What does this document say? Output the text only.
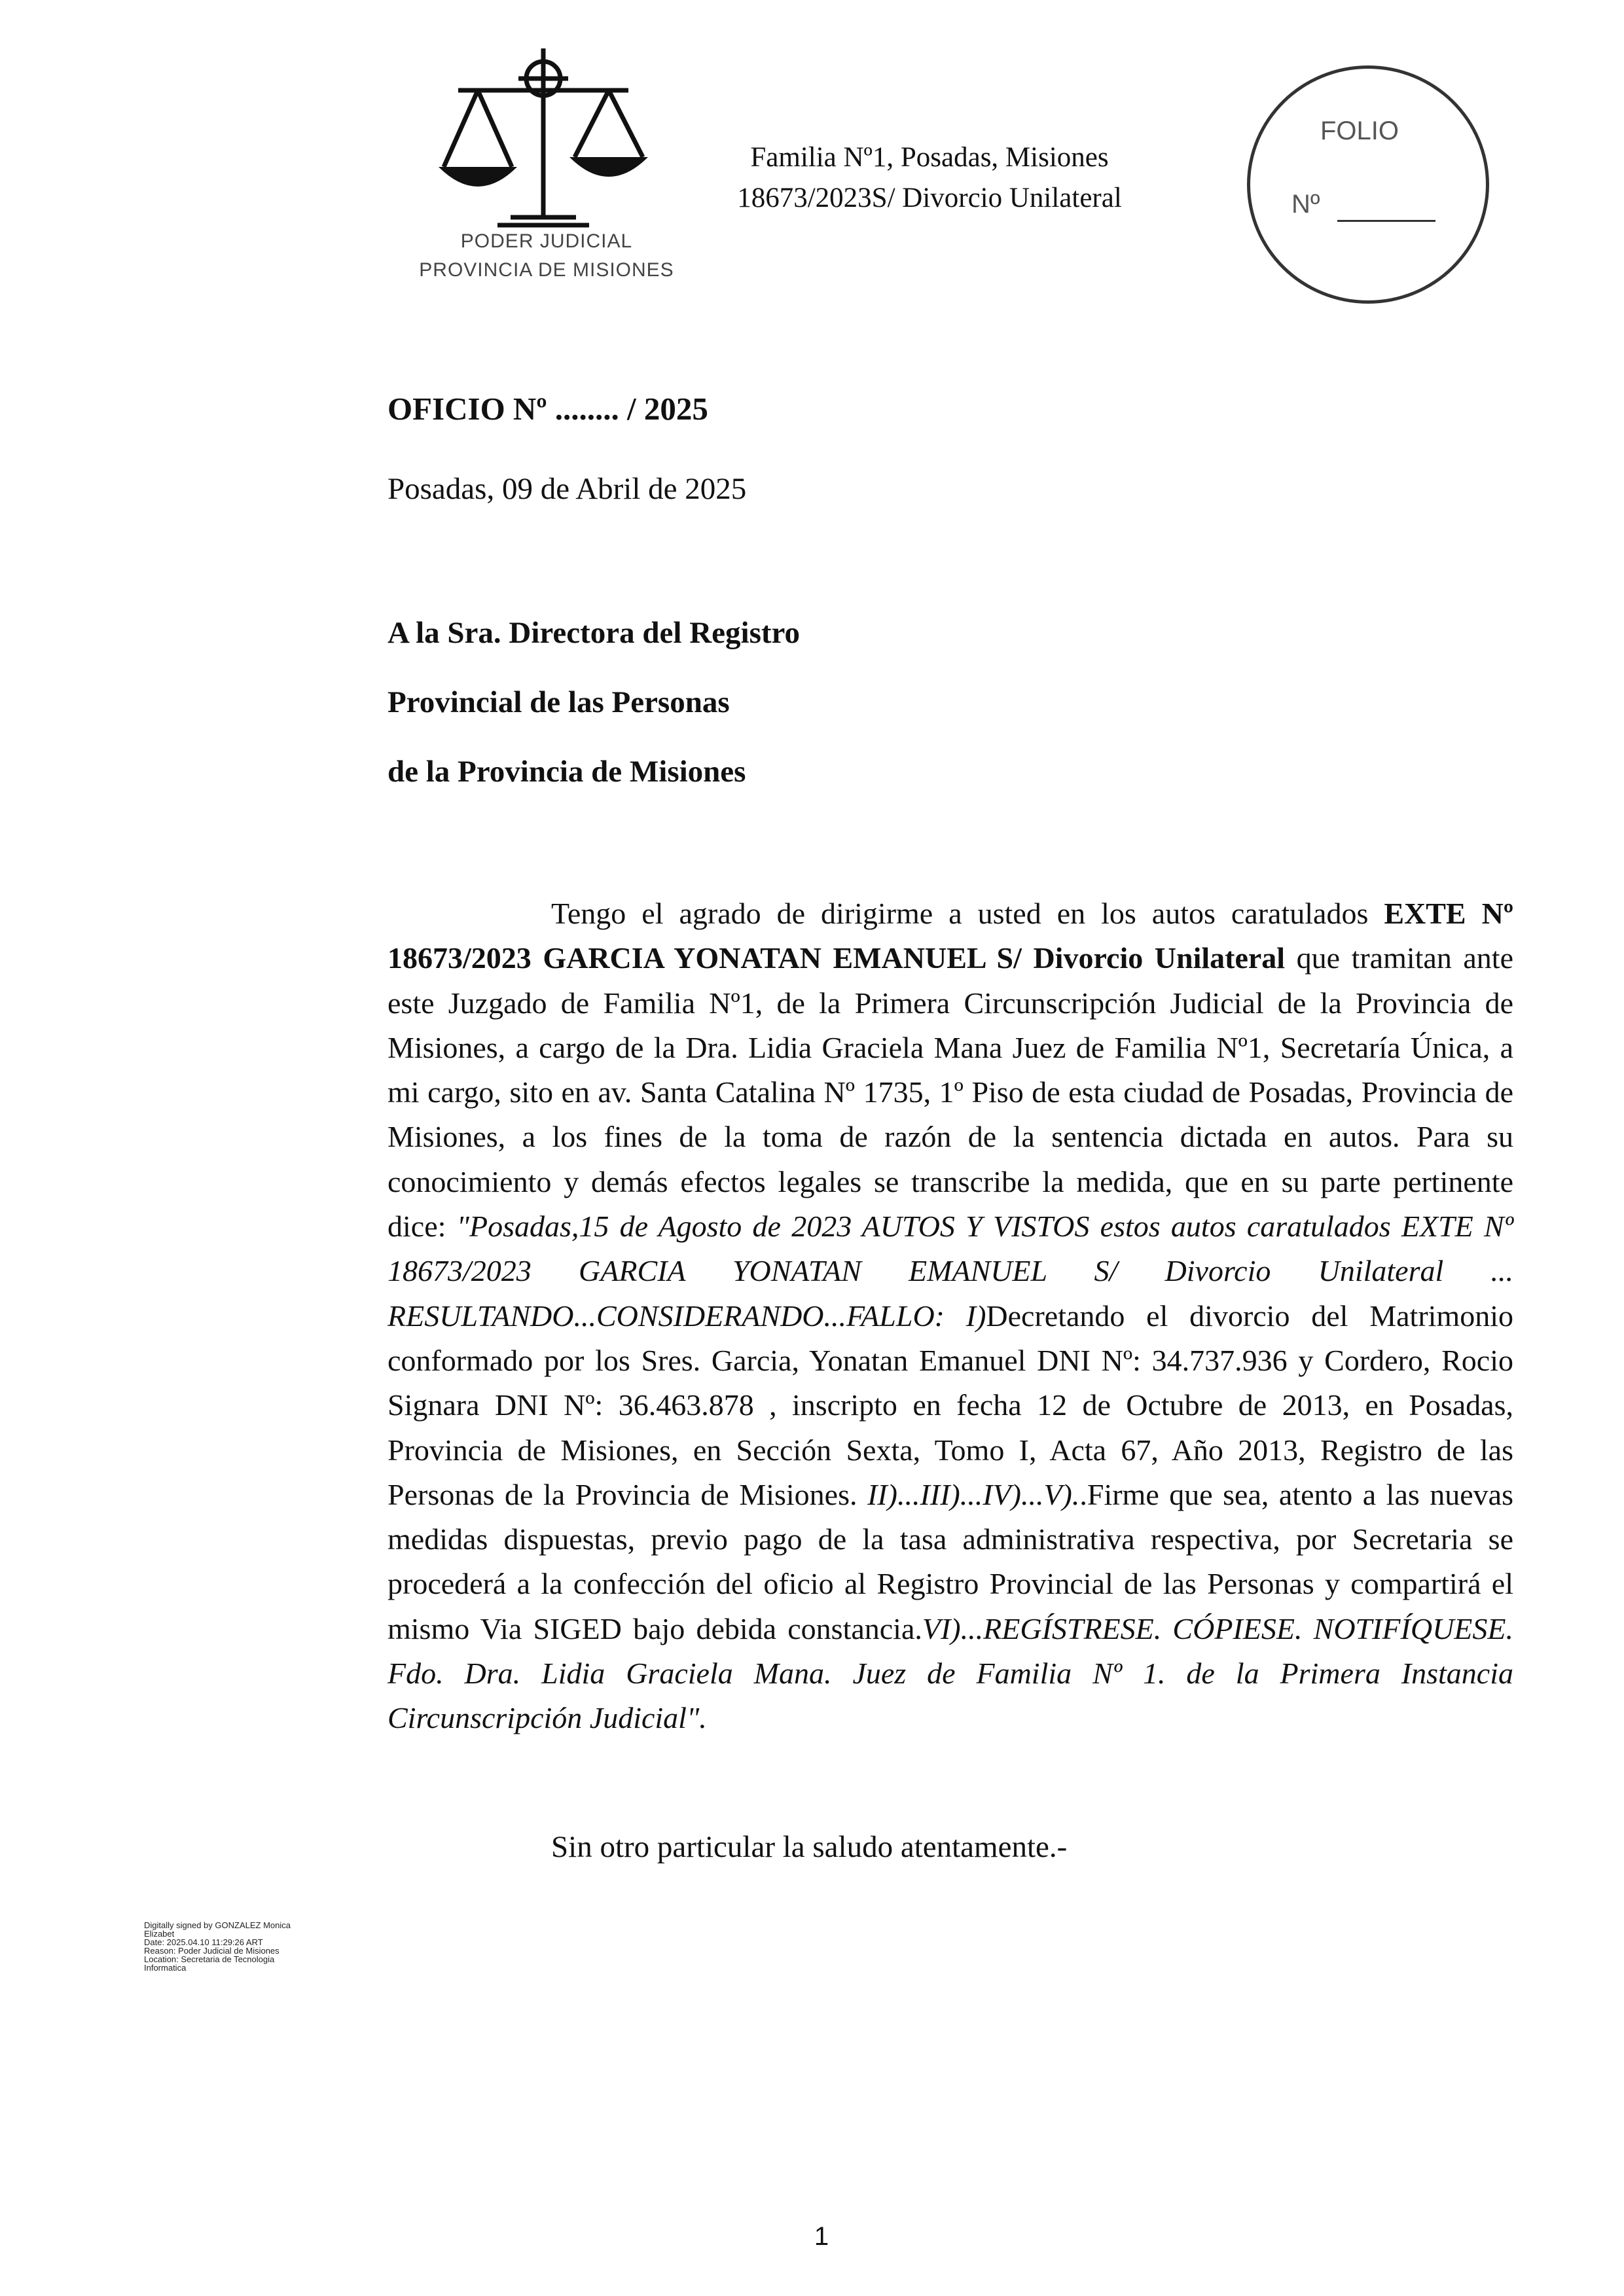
PODER JUDICIAL
PROVINCIA DE MISIONES
Familia Nº1, Posadas, Misiones
18673/2023S/ Divorcio Unilateral
FOLIO
Nº
OFICIO Nº ........ / 2025
Posadas, 09 de Abril de 2025
A la Sra. Directora del Registro
Provincial de las Personas
de la Provincia de Misiones
Tengo el agrado de dirigirme a usted en los autos caratulados EXTE Nº 18673/2023 GARCIA YONATAN EMANUEL S/ Divorcio Unilateral que tramitan ante este Juzgado de Familia Nº1, de la Primera Circunscripción Judicial de la Provincia de Misiones, a cargo de la Dra. Lidia Graciela Mana Juez de Familia Nº1, Secretaría Única, a mi cargo, sito en av. Santa Catalina Nº 1735, 1º Piso de esta ciudad de Posadas, Provincia de Misiones, a los fines de la toma de razón de la sentencia dictada en autos. Para su conocimiento y demás efectos legales se transcribe la medida, que en su parte pertinente dice: "Posadas,15 de Agosto de 2023 AUTOS Y VISTOS estos autos caratulados EXTE Nº 18673/2023 GARCIA YONATAN EMANUEL S/ Divorcio Unilateral ... RESULTANDO...CONSIDERANDO...FALLO: I)Decretando el divorcio del Matrimonio conformado por los Sres. Garcia, Yonatan Emanuel DNI Nº: 34.737.936 y Cordero, Rocio Signara DNI Nº: 36.463.878 , inscripto en fecha 12 de Octubre de 2013, en Posadas, Provincia de Misiones, en Sección Sexta, Tomo I, Acta 67, Año 2013, Registro de las Personas de la Provincia de Misiones. II)...III)...IV)...V)..Firme que sea, atento a las nuevas medidas dispuestas, previo pago de la tasa administrativa respectiva, por Secretaria se procederá a la confección del oficio al Registro Provincial de las Personas y compartirá el mismo Via SIGED bajo debida constancia.VI)...REGÍSTRESE. CÓPIESE. NOTIFÍQUESE. Fdo. Dra. Lidia Graciela Mana. Juez de Familia Nº 1. de la Primera Instancia Circunscripción Judicial".
Sin otro particular la saludo atentamente.-
Digitally signed by GONZALEZ Monica
Elizabet
Date: 2025.04.10 11:29:26 ART
Reason: Poder Judicial de Misiones
Location: Secretaria de Tecnologia
Informatica
1
